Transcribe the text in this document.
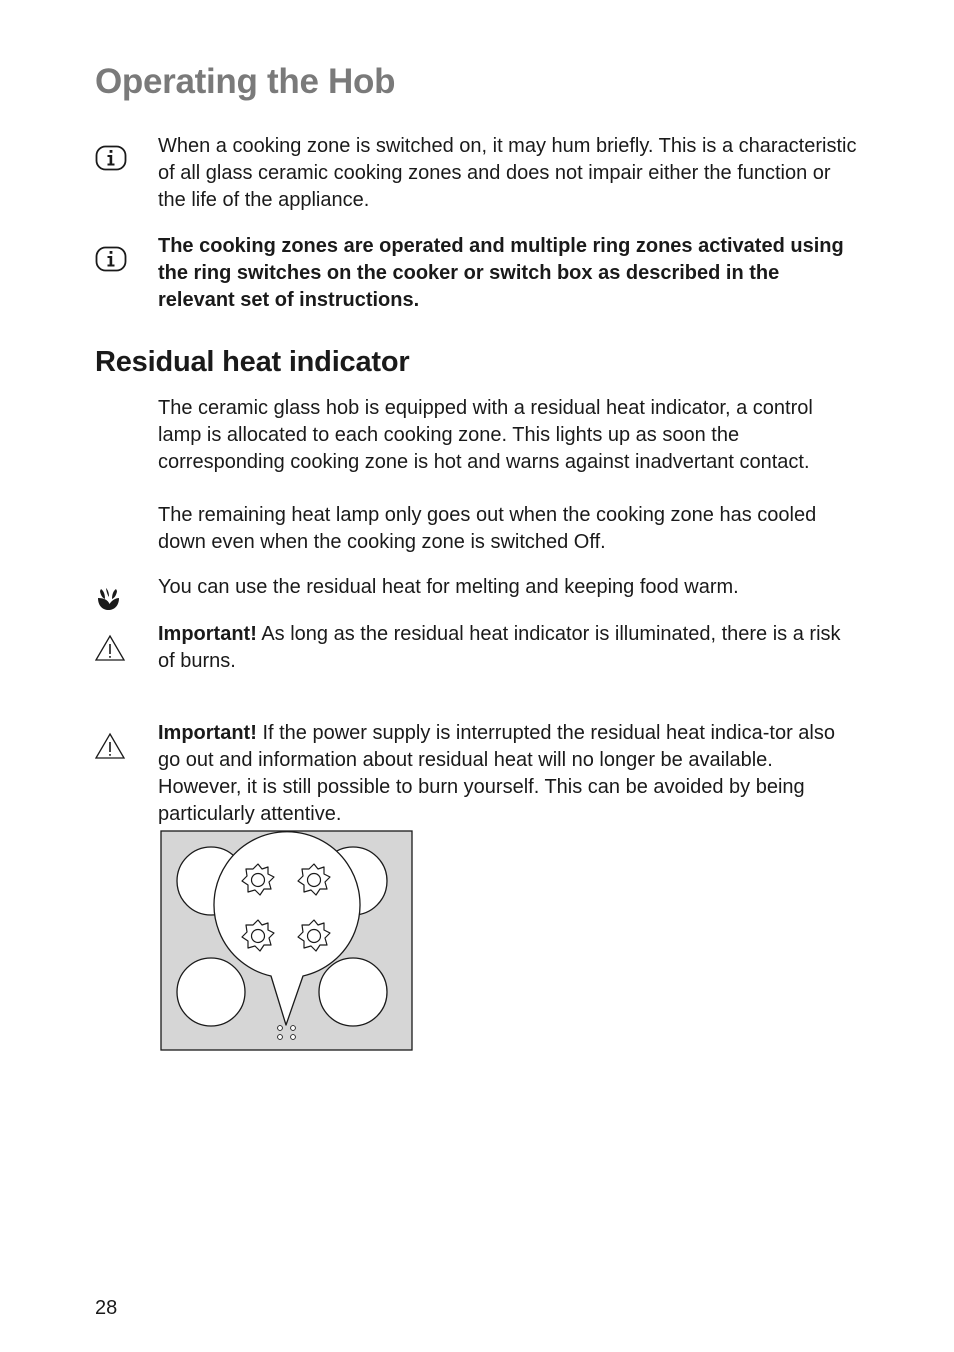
Operating the Hob

When a cooking zone is switched on, it may hum briefly. This is a characteristic of all glass ceramic cooking zones and does not impair either the function or the life of the appliance.

The cooking zones are operated and multiple ring zones activated using the ring switches on the cooker or switch box as described in the relevant set of instructions.

Residual heat indicator

The ceramic glass hob is equipped with a residual heat indicator, a control lamp is allocated to each cooking zone. This lights up as soon the corresponding cooking zone is hot and warns against inadvertant contact.

The remaining heat lamp only goes out when the cooking zone has cooled down even when the cooking zone is switched Off.

You can use the residual heat for melting and keeping food warm.

Important! As long as the residual heat indicator is illuminated, there is a risk of burns.

Important! If the power supply is interrupted the residual heat indica-tor also go out and information about residual heat will no longer be available. However, it is still possible to burn yourself. This can be avoided by being particularly attentive.

28
